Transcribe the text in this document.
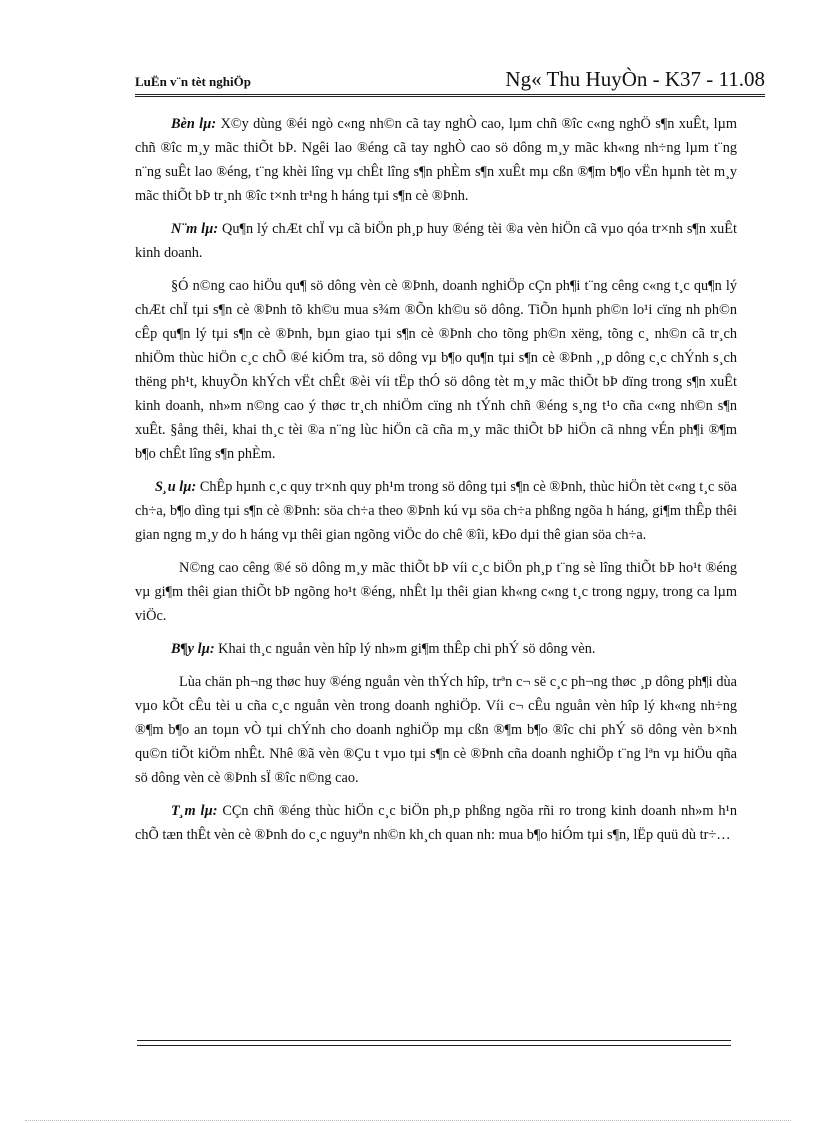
LuËn v¨n tèt nghiÖp	Ng« Thu HuyÒn - K37 - 11.08

Bèn lµ: X©y dùng ®éi ngò c«ng nh©n cã tay nghÒ cao, lµm chñ ®îc c«ng nghÖ s¶n xuÊt, lµm chñ ®îc m¸y mãc thiÕt bÞ. Ngêi lao ®éng cã tay nghÒ cao sö dông m¸y mãc kh«ng nh÷ng lµm t¨ng n¨ng suÊt lao ®éng, t¨ng khèi lîng vµ chÊt lîng s¶n phÈm s¶n xuÊt mµ cßn ®¶m b¶o vËn hµnh tèt m¸y mãc thiÕt bÞ tr¸nh ®îc t×nh tr¹ng h háng tµi s¶n cè ®Þnh.

N¨m lµ: Qu¶n lý chÆt chÏ vµ cã biÖn ph¸p huy ®éng tèi ®a vèn hiÖn cã vµo qóa tr×nh s¶n xuÊt kinh doanh.

§Ó n©ng cao hiÖu qu¶ sö dông vèn cè ®Þnh, doanh nghiÖp cÇn ph¶i t¨ng cêng c«ng t¸c qu¶n lý chÆt chÏ tµi s¶n cè ®Þnh tõ kh©u mua s¾m ®Õn kh©u sö dông. TiÕn hµnh ph©n lo¹i cïng nh ph©n cÊp qu¶n lý tµi s¶n cè ®Þnh, bµn giao tµi s¶n cè ®Þnh cho tõng ph©n xëng, tõng c¸ nh©n cã tr¸ch nhiÖm thùc hiÖn c¸c chÕ ®é kiÓm tra, sö dông vµ b¶o qu¶n tµi s¶n cè ®Þnh ,¸p dông c¸c chÝnh s¸ch thëng ph¹t, khuyÕn khÝch vËt chÊt ®èi víi tËp thÓ sö dông tèt m¸y mãc thiÕt bÞ dïng trong s¶n xuÊt kinh doanh, nh»m n©ng cao ý thøc tr¸ch nhiÖm cïng nh tÝnh chñ ®éng s¸ng t¹o cña c«ng nh©n s¶n xuÊt. §ång thêi, khai th¸c tèi ®a n¨ng lùc hiÖn cã cña m¸y mãc thiÕt bÞ hiÖn cã nhng vÉn ph¶i ®¶m b¶o chÊt lîng s¶n phÈm.

S¸u lµ: ChÊp hµnh c¸c quy tr×nh quy ph¹m trong sö dông tµi s¶n cè ®Þnh, thùc hiÖn tèt c«ng t¸c söa ch÷a, b¶o dìng tµi s¶n cè ®Þnh: söa ch÷a theo ®Þnh kú vµ söa ch÷a phßng ngõa h háng, gi¶m thÊp thêi gian ngng m¸y do h háng vµ thêi gian ngõng viÖc do chê ®îi, kÐo dµi thê gian söa ch÷a.

N©ng cao cêng ®é sö dông m¸y mãc thiÕt bÞ víi c¸c biÖn ph¸p t¨ng sè lîng thiÕt bÞ ho¹t ®éng vµ gi¶m thêi gian thiÕt bÞ ngõng ho¹t ®éng, nhÊt lµ thêi gian kh«ng c«ng t¸c trong ngµy, trong ca lµm viÖc.

B¶y lµ: Khai th¸c nguån vèn hîp lý nh»m gi¶m thÊp chi phÝ sö dông vèn.

Lùa chän ph¬ng thøc huy ®éng nguån vèn thÝch hîp, trªn c¬ së c¸c ph¬ng thøc ¸p dông ph¶i dùa vµo kÕt cÊu tèi u cña c¸c nguån vèn trong doanh nghiÖp. Víi c¬ cÊu nguån vèn hîp lý kh«ng nh÷ng ®¶m b¶o an toµn vÒ tµi chÝnh cho doanh nghiÖp mµ cßn ®¶m b¶o ®îc chi phÝ sö dông vèn b×nh qu©n tiÕt kiÖm nhÊt. Nhê ®ã vèn ®Çu t vµo tµi s¶n cè ®Þnh cña doanh nghiÖp t¨ng lªn vµ hiÖu qña sö dông vèn cè ®Þnh sÏ ®îc n©ng cao.

T¸m lµ: CÇn chñ ®éng thùc hiÖn c¸c biÖn ph¸p phßng ngõa rñi ro trong kinh doanh nh»m h¹n chÕ tæn thÊt vèn cè ®Þnh do c¸c nguyªn nh©n kh¸ch quan nh: mua b¶o hiÓm tµi s¶n, lËp quü dù tr÷…
